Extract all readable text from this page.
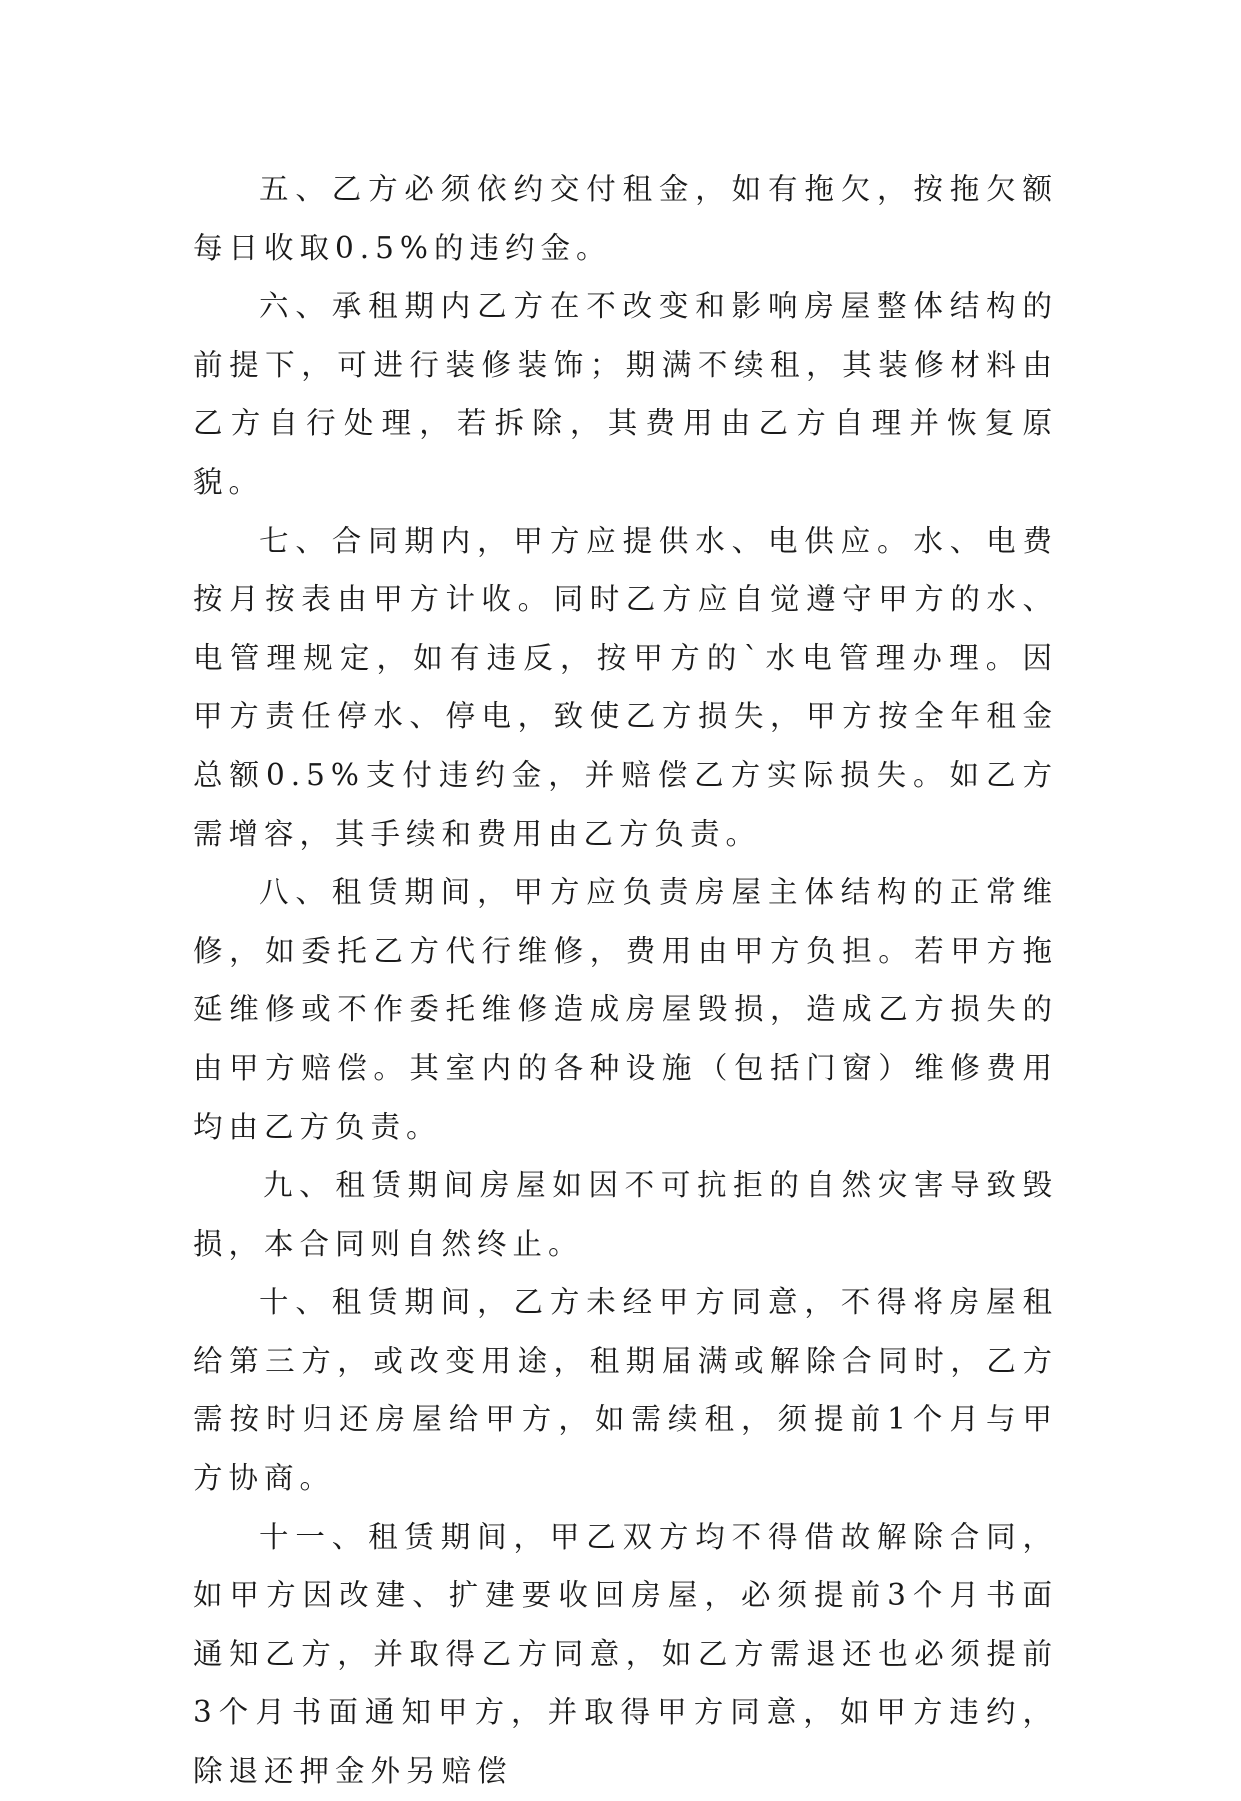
五、乙方必须依约交付租金，如有拖欠，按拖欠额每日收取0.5%的违约金。

六、承租期内乙方在不改变和影响房屋整体结构的前提下，可进行装修装饰；期满不续租，其装修材料由乙方自行处理，若拆除，其费用由乙方自理并恢复原貌。

七、合同期内，甲方应提供水、电供应。水、电费按月按表由甲方计收。同时乙方应自觉遵守甲方的水、电管理规定，如有违反，按甲方的`水电管理办理。因甲方责任停水、停电，致使乙方损失，甲方按全年租金总额0.5%支付违约金，并赔偿乙方实际损失。如乙方需增容，其手续和费用由乙方负责。

八、租赁期间，甲方应负责房屋主体结构的正常维修，如委托乙方代行维修，费用由甲方负担。若甲方拖延维修或不作委托维修造成房屋毁损，造成乙方损失的由甲方赔偿。其室内的各种设施（包括门窗）维修费用均由乙方负责。

九、租赁期间房屋如因不可抗拒的自然灾害导致毁损，本合同则自然终止。

十、租赁期间，乙方未经甲方同意，不得将房屋租给第三方，或改变用途，租期届满或解除合同时，乙方需按时归还房屋给甲方，如需续租，须提前1个月与甲方协商。

十一、租赁期间，甲乙双方均不得借故解除合同，如甲方因改建、扩建要收回房屋，必须提前3个月书面通知乙方，并取得乙方同意，如乙方需退还也必须提前3个月书面通知甲方，并取得甲方同意，如甲方违约，除退还押金外另赔偿
